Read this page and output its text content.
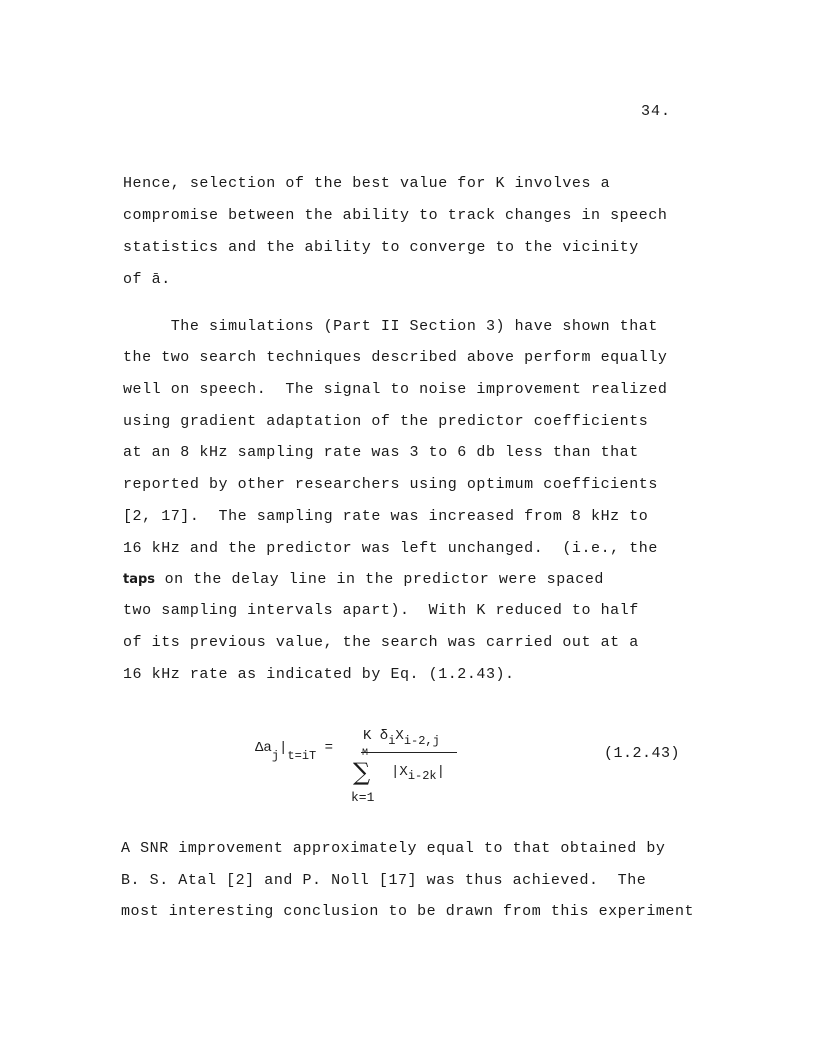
34.
Hence, selection of the best value for K involves a
compromise between the ability to track changes in speech
statistics and the ability to converge to the vicinity
of ā.
The simulations (Part II Section 3) have shown that
the two search techniques described above perform equally
well on speech.  The signal to noise improvement realized
using gradient adaptation of the predictor coefficients
at an 8 kHz sampling rate was 3 to 6 db less than that
reported by other researchers using optimum coefficients
[2, 17].  The sampling rate was increased from 8 kHz to
16 kHz and the predictor was left unchanged.  (i.e., the
taps on the delay line in the predictor were spaced
two sampling intervals apart).  With K reduced to half
of its previous value, the search was carried out at a
16 kHz rate as indicated by Eq. (1.2.43).
Δaj|t=iT =
K δiXi-2,j
M
∑ |Xi-2k|
k=1
(1.2.43)
A SNR improvement approximately equal to that obtained by
B. S. Atal [2] and P. Noll [17] was thus achieved.  The
most interesting conclusion to be drawn from this experiment
